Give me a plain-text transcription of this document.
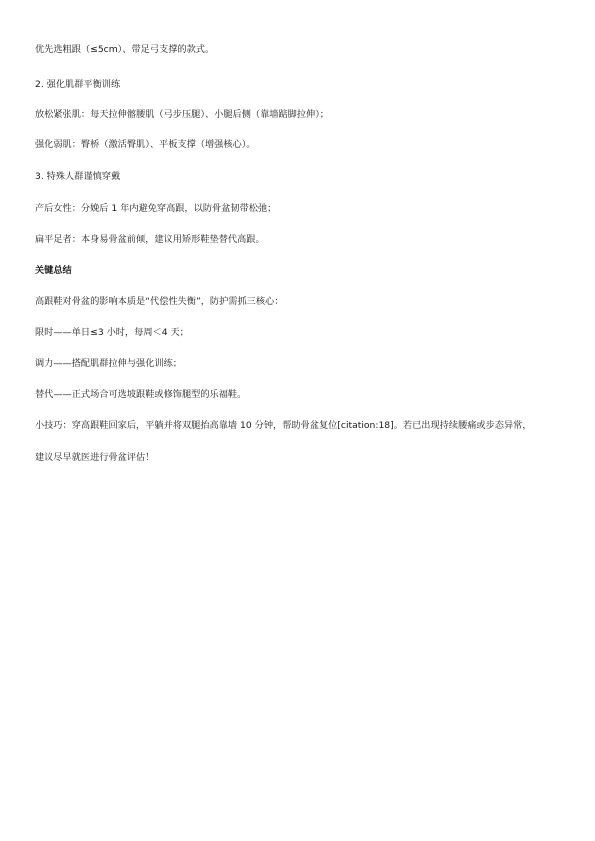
优先选粗跟（≤5cm）、带足弓支撑的款式。

2. 强化肌群平衡训练

放松紧张肌：每天拉伸髂腰肌（弓步压腿）、小腿后侧（靠墙踮脚拉伸）；

强化弱肌：臀桥（激活臀肌）、平板支撑（增强核心）。

3. 特殊人群谨慎穿戴

产后女性：分娩后 1 年内避免穿高跟，以防骨盆韧带松弛；

扁平足者：本身易骨盆前倾，建议用矫形鞋垫替代高跟。

关键总结

高跟鞋对骨盆的影响本质是“代偿性失衡”，防护需抓三核心：

限时——单日≤3 小时，每周＜4 天；

调力——搭配肌群拉伸与强化训练；

替代——正式场合可选坡跟鞋或修饰腿型的乐福鞋。

小技巧：穿高跟鞋回家后，平躺并将双腿抬高靠墙 10 分钟，帮助骨盆复位[citation:18]。若已出现持续腰痛或步态异常，

建议尽早就医进行骨盆评估！
